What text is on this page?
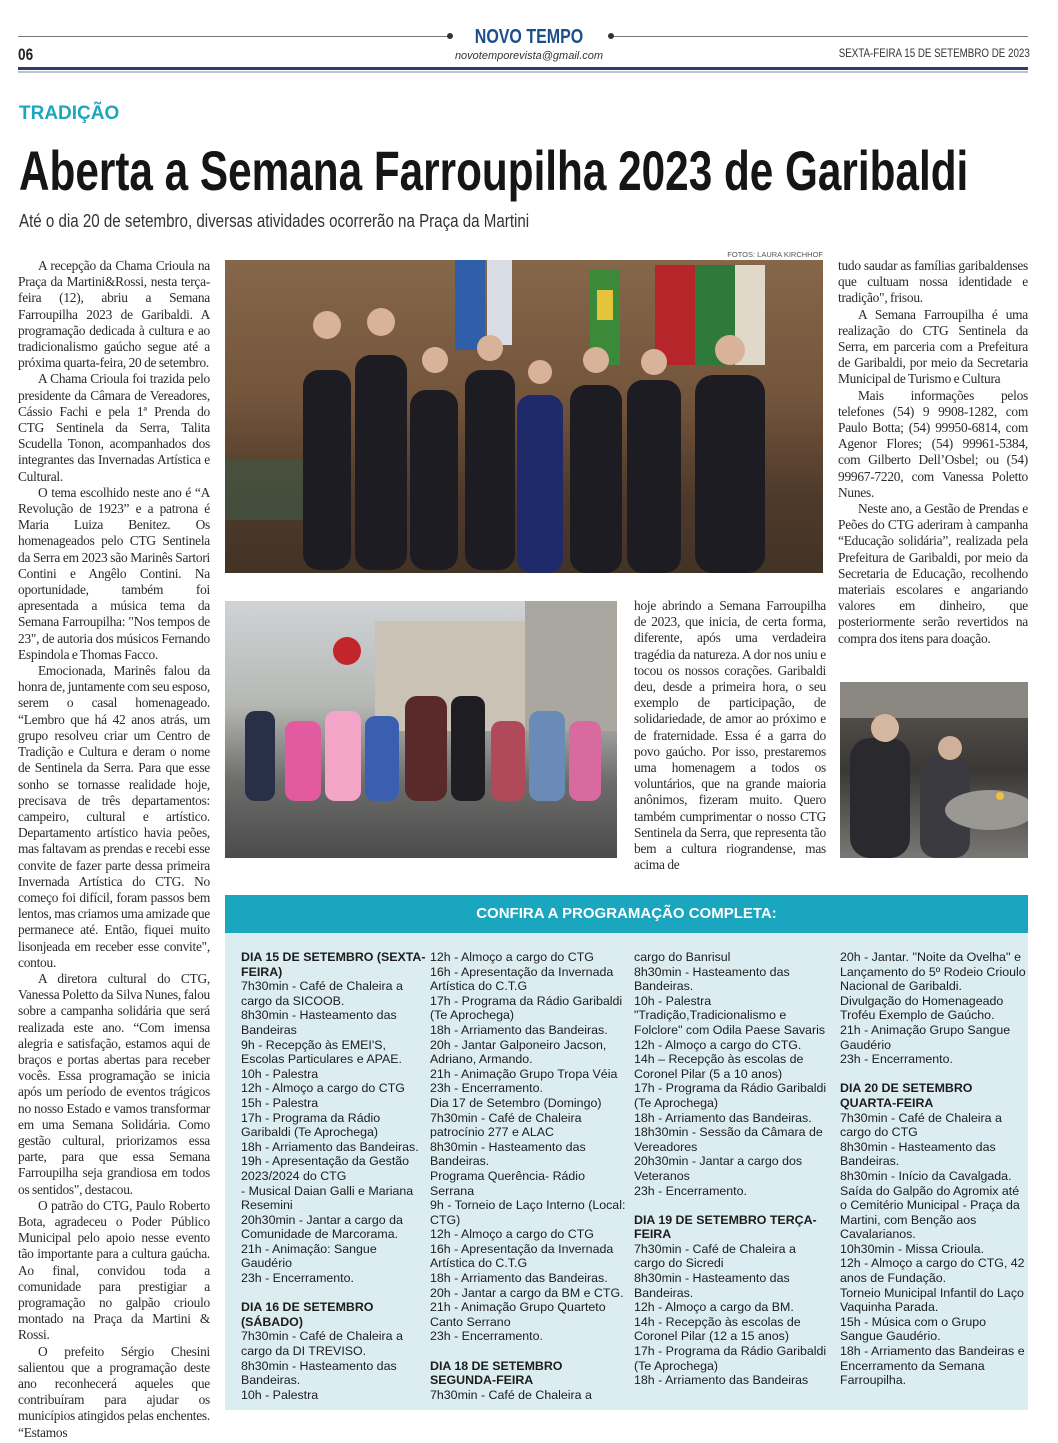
NOVO TEMPO
novotemporevista@gmail.com
06	SEXTA-FEIRA 15 DE SETEMBRO DE 2023
TRADIÇÃO
Aberta a Semana Farroupilha 2023 de Garibaldi
Até o dia 20 de setembro, diversas atividades ocorrerão na Praça da Martini

A recepção da Chama Crioula na Praça da Martini&Rossi, nesta terça-feira (12), abriu a Semana Farroupilha 2023 de Garibaldi. A programação dedicada à cultura e ao tradicionalismo gaúcho segue até a próxima quarta-feira, 20 de setembro.

A Chama Crioula foi trazida pelo presidente da Câmara de Vereadores, Cássio Fachi e pela 1ª Prenda do CTG Sentinela da Serra, Talita Scudella Tonon, acompanhados dos integrantes das Invernadas Artística e Cultural.

O tema escolhido neste ano é “A Revolução de 1923” e a patrona é Maria Luiza Benitez. Os homenageados pelo CTG Sentinela da Serra em 2023 são Marinês Sartori Contini e Angêlo Contini. Na oportunidade, também foi apresentada a música tema da Semana Farroupilha: "Nos tempos de 23", de autoria dos músicos Fernando Espindola e Thomas Facco.

Emocionada, Marinês falou da honra de, juntamente com seu esposo, serem o casal homenageado. “Lembro que há 42 anos atrás, um grupo resolveu criar um Centro de Tradição e Cultura e deram o nome de Sentinela da Serra. Para que esse sonho se tornasse realidade hoje, precisava de três departamentos: campeiro, cultural e artístico. Departamento artístico havia peões, mas faltavam as prendas e recebi esse convite de fazer parte dessa primeira Invernada Artística do CTG. No começo foi difícil, foram passos bem lentos, mas criamos uma amizade que permanece até. Então, fiquei muito lisonjeada em receber esse convite", contou.

A diretora cultural do CTG, Vanessa Poletto da Silva Nunes, falou sobre a campanha solidária que será realizada este ano. “Com imensa alegria e satisfação, estamos aqui de braços e portas abertas para receber vocês. Essa programação se inicia após um período de eventos trágicos no nosso Estado e vamos transformar em uma Semana Solidária. Como gestão cultural, priorizamos essa parte, para que essa Semana Farroupilha seja grandiosa em todos os sentidos", destacou.

O patrão do CTG, Paulo Roberto Bota, agradeceu o Poder Público Municipal pelo apoio nesse evento tão importante para a cultura gaúcha. Ao final, convidou toda a comunidade para prestigiar a programação no galpão crioulo montado na Praça da Martini & Rossi.

O prefeito Sérgio Chesini salientou que a programação deste ano reconhecerá aqueles que contribuíram para ajudar os municípios atingidos pelas enchentes. “Estamos

FOTOS: LAURA KIRCHHOF
hoje abrindo a Semana Farroupilha de 2023, que inicia, de certa forma, diferente, após uma verdadeira tragédia da natureza. A dor nos uniu e tocou os nossos corações. Garibaldi deu, desde a primeira hora, o seu exemplo de participação, de solidariedade, de amor ao próximo e de fraternidade. Essa é a garra do povo gaúcho. Por isso, prestaremos uma homenagem a todos os voluntários, que na grande maioria anônimos, fizeram muito. Quero também cumprimentar o nosso CTG Sentinela da Serra, que representa tão bem a cultura riograndense, mas acima de
tudo saudar as famílias garibaldenses que cultuam nossa identidade e tradição", frisou.

A Semana Farroupilha é uma realização do CTG Sentinela da Serra, em parceria com a Prefeitura de Garibaldi, por meio da Secretaria Municipal de Turismo e Cultura

Mais informações pelos telefones (54) 9 9908-1282, com Paulo Botta; (54) 99950-6814, com Agenor Flores; (54) 99961-5384, com Gilberto Dell’Osbel; ou (54) 99967-7220, com Vanessa Poletto Nunes.

Neste ano, a Gestão de Prendas e Peões do CTG aderiram à campanha “Educação solidária”, realizada pela Prefeitura de Garibaldi, por meio da Secretaria de Educação, recolhendo materiais escolares e angariando valores em dinheiro, que posteriormente serão revertidos na compra dos itens para doação.

CONFIRA A PROGRAMAÇÃO COMPLETA:
DIA 15 DE SETEMBRO (SEXTA-FEIRA)
7h30min - Café de Chaleira a cargo da SICOOB.
8h30min - Hasteamento das Bandeiras
9h - Recepção às EMEI'S, Escolas Particulares e APAE.
10h - Palestra
12h - Almoço a cargo do CTG
15h - Palestra
17h - Programa da Rádio Garibaldi (Te Aprochega)
18h - Arriamento das Bandeiras.
19h - Apresentação da Gestão 2023/2024 do CTG
- Musical Daian Galli e Mariana Resemini
20h30min - Jantar a cargo da Comunidade de Marcorama.
21h - Animação: Sangue Gaudério
23h - Encerramento.
DIA 16 DE SETEMBRO (SÁBADO)
7h30min - Café de Chaleira a cargo da DI TREVISO.
8h30min - Hasteamento das Bandeiras.
10h - Palestra
12h - Almoço a cargo do CTG
16h - Apresentação da Invernada Artística do C.T.G
17h - Programa da Rádio Garibaldi (Te Aprochega)
18h - Arriamento das Bandeiras.
20h - Jantar Galponeiro Jacson, Adriano, Armando.
21h - Animação Grupo Tropa Véia
23h - Encerramento.
Dia 17 de Setembro (Domingo)
7h30min - Café de Chaleira patrocínio 277 e ALAC
8h30min - Hasteamento das Bandeiras.
Programa Querência- Rádio Serrana
9h - Torneio de Laço Interno (Local: CTG)
12h - Almoço a cargo do CTG
16h - Apresentação da Invernada Artística do C.T.G
18h - Arriamento das Bandeiras.
20h - Jantar a cargo da BM e CTG.
21h - Animação Grupo Quarteto Canto Serrano
23h - Encerramento.
DIA 18 DE SETEMBRO SEGUNDA-FEIRA
7h30min - Café de Chaleira a
cargo do Banrisul
8h30min - Hasteamento das Bandeiras.
10h - Palestra "Tradição,Tradicionalismo e Folclore" com Odila Paese Savaris
12h - Almoço a cargo do CTG.
14h – Recepção às escolas de Coronel Pilar (5 a 10 anos)
17h - Programa da Rádio Garibaldi (Te Aprochega)
18h - Arriamento das Bandeiras.
18h30min - Sessão da Câmara de Vereadores
20h30min - Jantar a cargo dos Veteranos
23h - Encerramento.
DIA 19 DE SETEMBRO TERÇA-FEIRA
7h30min - Café de Chaleira a cargo do Sicredi
8h30min - Hasteamento das Bandeiras.
12h - Almoço a cargo da BM.
14h - Recepção às escolas de Coronel Pilar (12 a 15 anos)
17h - Programa da Rádio Garibaldi (Te Aprochega)
18h - Arriamento das Bandeiras
20h - Jantar. ''Noite da Ovelha'' e Lançamento do 5º Rodeio Crioulo Nacional de Garibaldi.
Divulgação do Homenageado Troféu Exemplo de Gaúcho.
21h - Animação Grupo Sangue Gaudério
23h - Encerramento.
DIA 20 DE SETEMBRO QUARTA-FEIRA
7h30min - Café de Chaleira a cargo do CTG
8h30min - Hasteamento das Bandeiras.
8h30min - Início da Cavalgada. Saída do Galpão do Agromix até o Cemitério Municipal - Praça da Martini, com Benção aos Cavalarianos.
10h30min - Missa Crioula.
12h - Almoço a cargo do CTG, 42 anos de Fundação.
Torneio Municipal Infantil do Laço Vaquinha Parada.
15h - Música com o Grupo Sangue Gaudério.
18h - Arriamento das Bandeiras e Encerramento da Semana Farroupilha.
